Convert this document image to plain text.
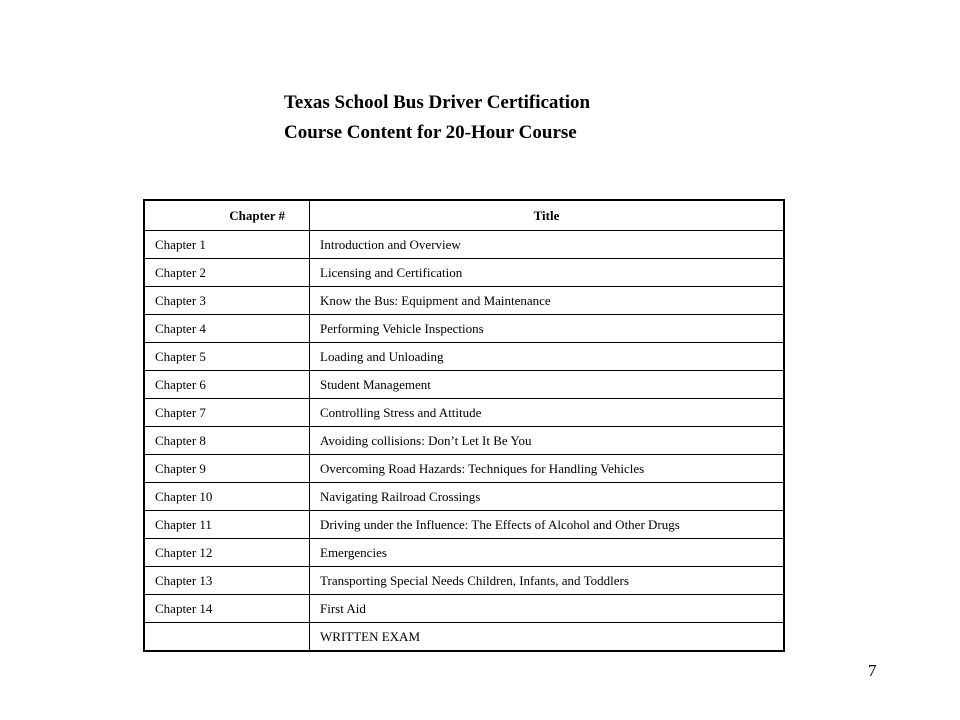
Texas School Bus Driver Certification
Course Content for 20-Hour Course
Chapter #	Title
Chapter 1	Introduction and Overview
Chapter 2	Licensing and Certification
Chapter 3	Know the Bus: Equipment and Maintenance
Chapter 4	Performing Vehicle Inspections
Chapter 5	Loading and Unloading
Chapter 6	Student Management
Chapter 7	Controlling Stress and Attitude
Chapter 8	Avoiding collisions: Don’t Let It Be You
Chapter 9	Overcoming Road Hazards: Techniques for Handling Vehicles
Chapter 10	Navigating Railroad Crossings
Chapter 11	Driving under the Influence: The Effects of Alcohol and Other Drugs
Chapter 12	Emergencies
Chapter 13	Transporting Special Needs Children, Infants, and Toddlers
Chapter 14	First Aid
	WRITTEN EXAM
7
